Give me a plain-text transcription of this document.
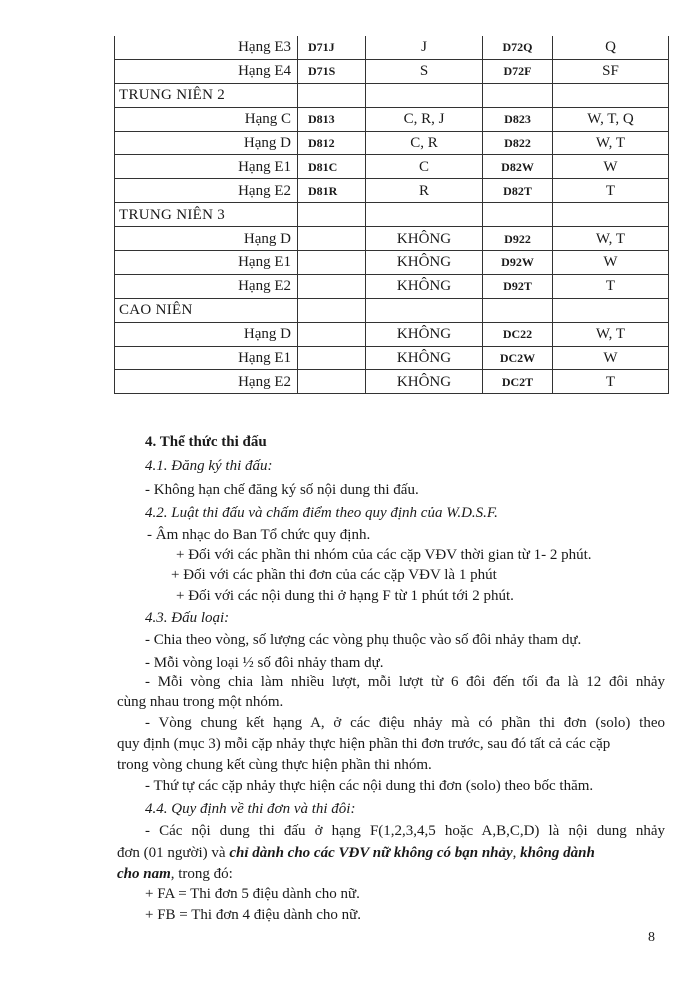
Hạng E3	D71J	J	D72Q	Q
Hạng E4	D71S	S	D72F	SF
TRUNG NIÊN 2				
Hạng C	D813	C, R, J	D823	W, T, Q
Hạng D	D812	C, R	D822	W, T
Hạng E1	D81C	C	D82W	W
Hạng E2	D81R	R	D82T	T
TRUNG NIÊN 3				
Hạng D		KHÔNG	D922	W, T
Hạng E1		KHÔNG	D92W	W
Hạng E2		KHÔNG	D92T	T
CAO NIÊN				
Hạng D		KHÔNG	DC22	W, T
Hạng E1		KHÔNG	DC2W	W
Hạng E2		KHÔNG	DC2T	T
4. Thể thức thi đấu
4.1. Đăng ký thi đấu:
- Không hạn chế đăng ký số nội dung thi đấu.
4.2. Luật thi đấu và chấm điểm theo quy định của W.D.S.F.
- Âm nhạc do Ban Tổ chức quy định.
+ Đối với các phần thi nhóm của các cặp VĐV thời gian từ 1- 2 phút.
+ Đối với các phần thi đơn của các cặp VĐV là 1 phút
+ Đối với các nội dung thi ở hạng F từ 1 phút tới 2 phút.
4.3. Đấu loại:
- Chia theo vòng, số lượng các vòng phụ thuộc vào số đôi nhảy tham dự.
- Mỗi vòng loại ½ số đôi nhảy tham dự.
- Mỗi vòng chia làm nhiều lượt, mỗi lượt từ 6 đôi đến tối đa là 12 đôi nhảy
cùng nhau trong một nhóm.
- Vòng chung kết hạng A, ở các điệu nhảy mà có phần thi đơn (solo) theo
quy định (mục 3) mỗi cặp nhảy thực hiện phần thi đơn trước, sau đó tất cả các cặp
trong vòng chung kết cùng thực hiện phần thi nhóm.
- Thứ tự các cặp nhảy thực hiện các nội dung thi đơn (solo) theo bốc thăm.
4.4. Quy định về thi đơn và thi đôi:
- Các nội dung thi đấu ở hạng F(1,2,3,4,5 hoặc A,B,C,D) là nội dung nhảy
đơn (01 người) và chỉ dành cho các VĐV nữ không có bạn nhảy, không dành
cho nam, trong đó:
+ FA = Thi đơn 5 điệu dành cho nữ.
+ FB = Thi đơn 4 điệu dành cho nữ.
8
